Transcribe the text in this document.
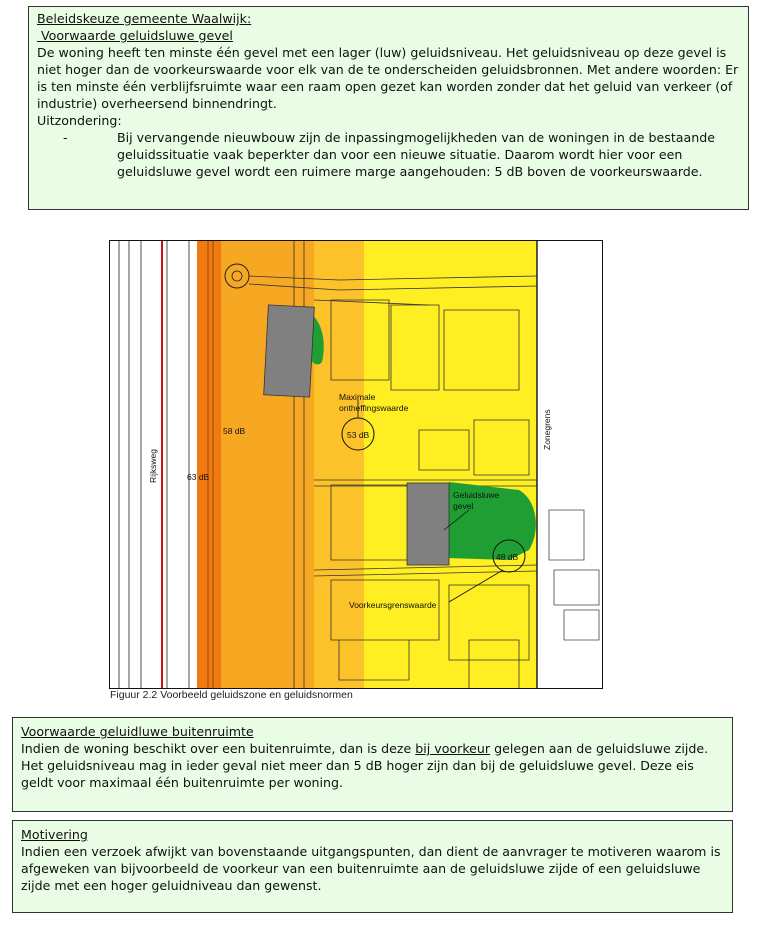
Beleidskeuze gemeente Waalwijk:

Voorwaarde geluidsluwe gevel

De woning heeft ten minste één gevel met een lager (luw) geluidsniveau. Het geluidsniveau op deze gevel is niet hoger dan de voorkeurswaarde voor elk van de te onderscheiden geluidsbronnen. Met andere woorden: Er is ten minste één verblijfsruimte waar een raam open gezet kan worden zonder dat het geluid van verkeer (of industrie) overheersend binnendringt.

Uitzondering:

-	Bij vervangende nieuwbouw zijn de inpassingmogelijkheden van de woningen in de bestaande geluidssituatie vaak beperkter dan voor een nieuwe situatie. Daarom wordt hier voor een geluidsluwe gevel wordt een ruimere marge aangehouden: 5 dB boven de voorkeurswaarde.
Rijksweg	63 dB
58 dB
Maximale
ontheffingswaarde
53 dB	Zonegrens
Geluidsluwe
gevel
48 dB
Voorkeursgrenswaarde
Figuur 2.2 Voorbeeld geluidszone en geluidsnormen

Voorwaarde geluidluwe buitenruimte

Indien de woning beschikt over een buitenruimte, dan is deze bij voorkeur gelegen aan de geluidsluwe zijde. Het geluidsniveau mag in ieder geval niet meer dan 5 dB hoger zijn dan bij de geluidsluwe gevel. Deze eis geldt voor maximaal één buitenruimte per woning.

Motivering

Indien een verzoek afwijkt van bovenstaande uitgangspunten, dan dient de aanvrager te motiveren waarom is afgeweken van bijvoorbeeld de voorkeur van een buitenruimte aan de geluidsluwe zijde of een geluidsluwe zijde met een hoger geluidniveau dan gewenst.
